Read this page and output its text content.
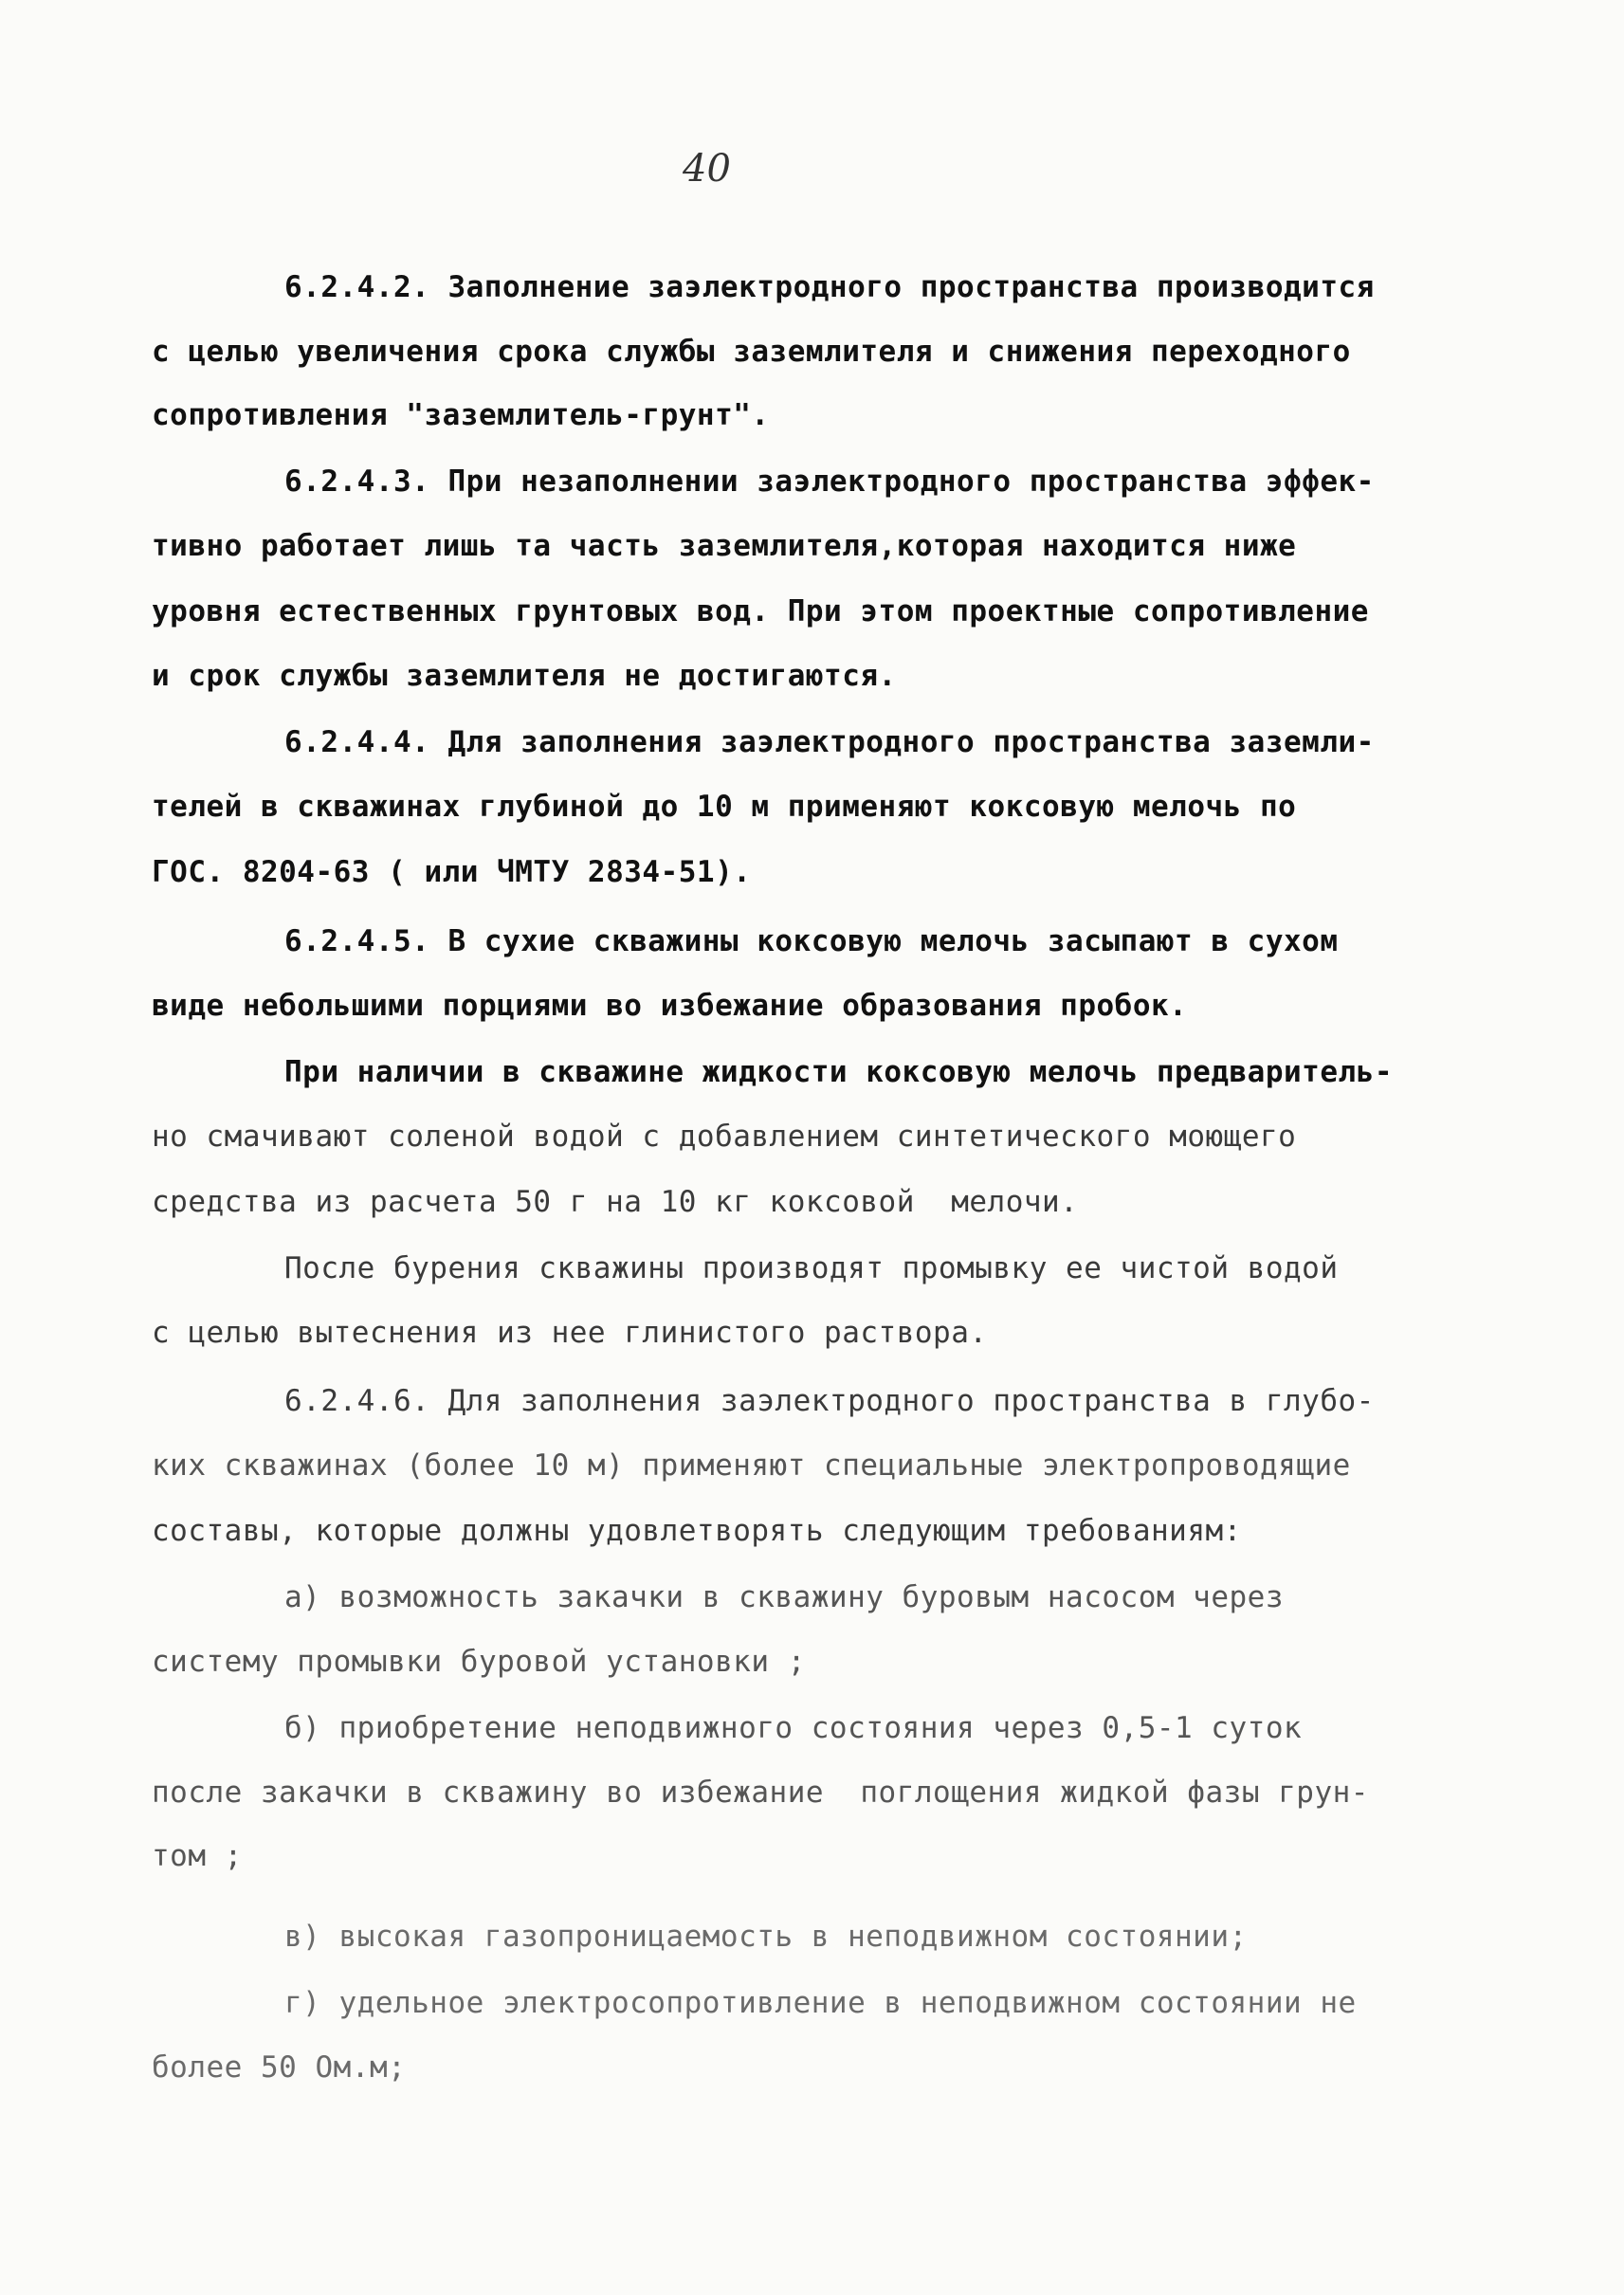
40
6.2.4.2. Заполнение заэлектродного пространства производится
с целью увеличения срока службы заземлителя и снижения переходного
сопротивления "заземлитель-грунт".
6.2.4.3. При незаполнении заэлектродного пространства эффек-
тивно работает лишь та часть заземлителя,которая находится ниже
уровня естественных грунтовых вод. При этом проектные сопротивление
и срок службы заземлителя не достигаются.
6.2.4.4. Для заполнения заэлектродного пространства заземли-
телей в скважинах глубиной до 10 м применяют коксовую мелочь по
ГОС. 8204-63 ( или ЧМТУ 2834-51).
6.2.4.5. В сухие скважины коксовую мелочь засыпают в сухом
виде небольшими порциями во избежание образования пробок.
При наличии в скважине жидкости коксовую мелочь предваритель-
но смачивают соленой водой с добавлением синтетического моющего
средства из расчета 50 г на 10 кг коксовой  мелочи.
После бурения скважины производят промывку ее чистой водой
с целью вытеснения из нее глинистого раствора.
6.2.4.6. Для заполнения заэлектродного пространства в глубо-
ких скважинах (более 10 м) применяют специальные электропроводящие
составы, которые должны удовлетворять следующим требованиям:
а) возможность закачки в скважину буровым насосом через
систему промывки буровой установки ;
б) приобретение неподвижного состояния через 0,5-1 суток
после закачки в скважину во избежание  поглощения жидкой фазы грун-
том ;
в) высокая газопроницаемость в неподвижном состоянии;
г) удельное электросопротивление в неподвижном состоянии не
более 50 Ом.м;
